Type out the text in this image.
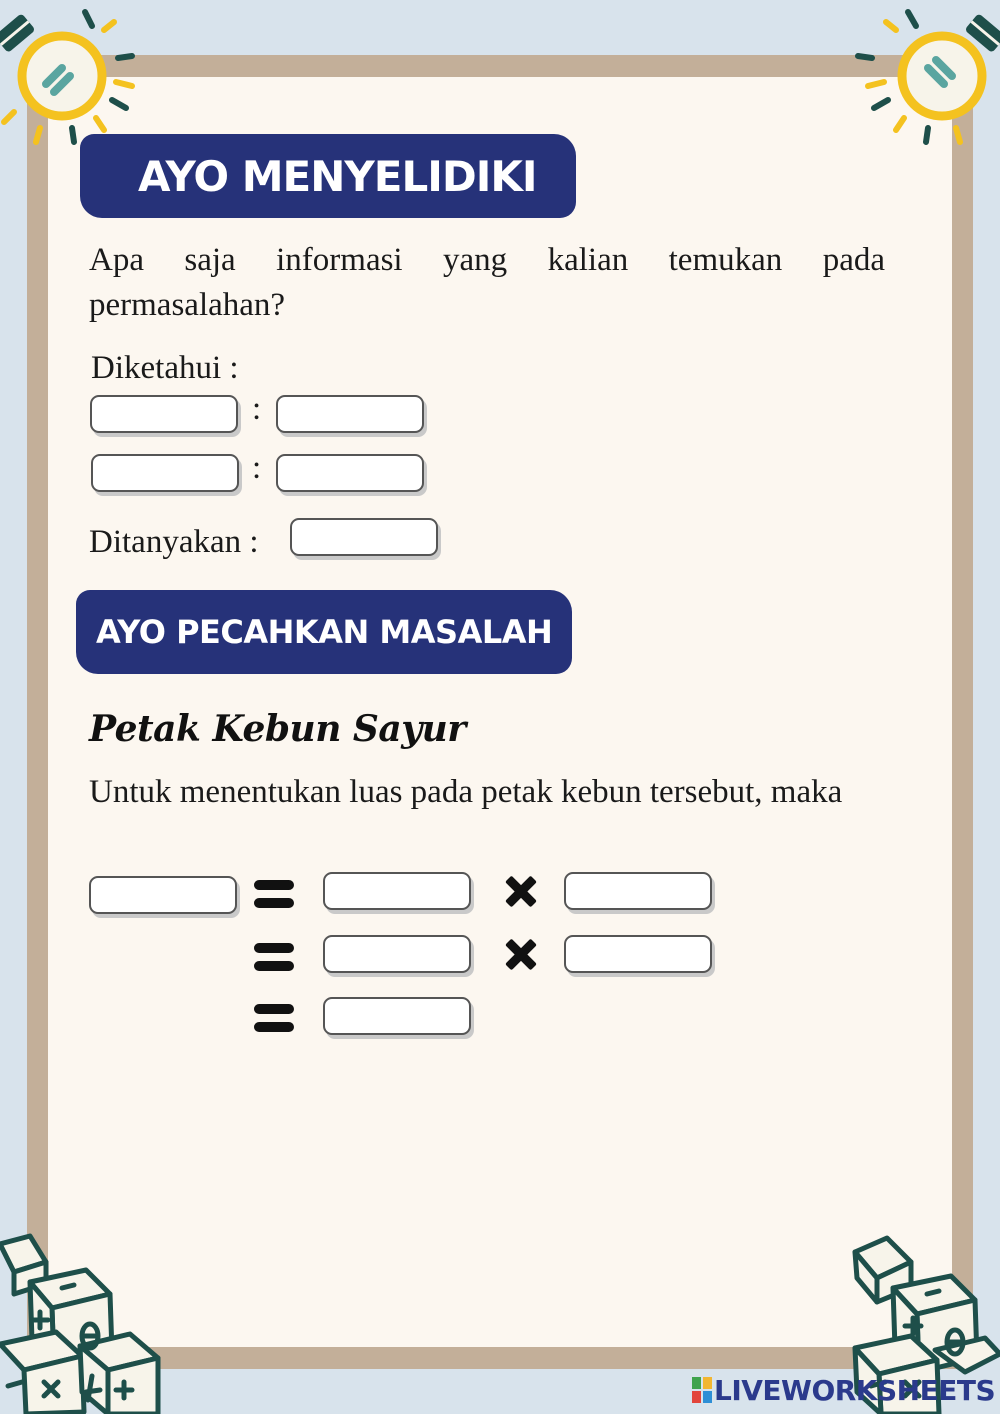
AYO MENYELIDIKI
Apa saja informasi yang kalian temukan pada permasalahan?
Diketahui :
:
:
Ditanyakan :
AYO PECAHKAN MASALAH
Petak Kebun Sayur
Untuk menentukan luas pada petak kebun tersebut, maka
LIVEWORKSHEETS
